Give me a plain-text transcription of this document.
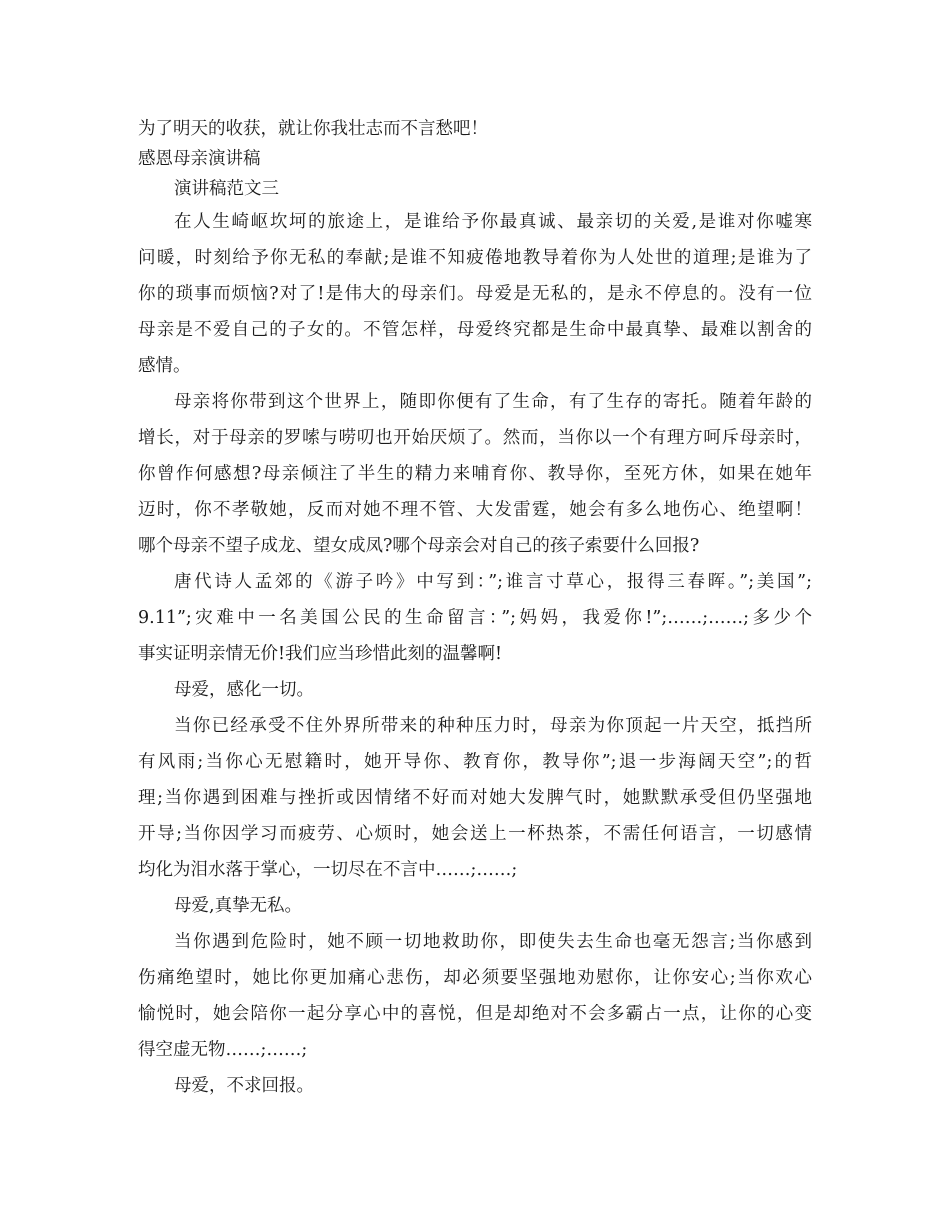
为了明天的收获，就让你我壮志而不言愁吧！

感恩母亲演讲稿

演讲稿范文三

在人生崎岖坎坷的旅途上，是谁给予你最真诚、最亲切的关爱,是谁对你嘘寒

问暖，时刻给予你无私的奉献;是谁不知疲倦地教导着你为人处世的道理;是谁为了

你的琐事而烦恼?对了!是伟大的母亲们。母爱是无私的，是永不停息的。没有一位

母亲是不爱自己的子女的。不管怎样，母爱终究都是生命中最真挚、最难以割舍的

感情。

母亲将你带到这个世界上，随即你便有了生命，有了生存的寄托。随着年龄的

增长，对于母亲的罗嗦与唠叨也开始厌烦了。然而，当你以一个有理方呵斥母亲时，

你曾作何感想?母亲倾注了半生的精力来哺育你、教导你，至死方休，如果在她年

迈时，你不孝敬她，反而对她不理不管、大发雷霆，她会有多么地伤心、绝望啊！

哪个母亲不望子成龙、望女成凤?哪个母亲会对自己的孩子索要什么回报?

唐代诗人孟郊的《游子吟》中写到：”;谁言寸草心，报得三春晖。”;美国”;

9.11”;灾难中一名美国公民的生命留言：”;妈妈，我爱你!”;……;……;多少个

事实证明亲情无价!我们应当珍惜此刻的温馨啊!

母爱，感化一切。

当你已经承受不住外界所带来的种种压力时，母亲为你顶起一片天空，抵挡所

有风雨;当你心无慰籍时，她开导你、教育你，教导你”;退一步海阔天空”;的哲

理;当你遇到困难与挫折或因情绪不好而对她大发脾气时，她默默承受但仍坚强地

开导;当你因学习而疲劳、心烦时，她会送上一杯热茶，不需任何语言，一切感情

均化为泪水落于掌心，一切尽在不言中……;……;

母爱,真挚无私。

当你遇到危险时，她不顾一切地救助你，即使失去生命也毫无怨言;当你感到

伤痛绝望时，她比你更加痛心悲伤，却必须要坚强地劝慰你，让你安心;当你欢心

愉悦时，她会陪你一起分享心中的喜悦，但是却绝对不会多霸占一点，让你的心变

得空虚无物……;……;

母爱，不求回报。
